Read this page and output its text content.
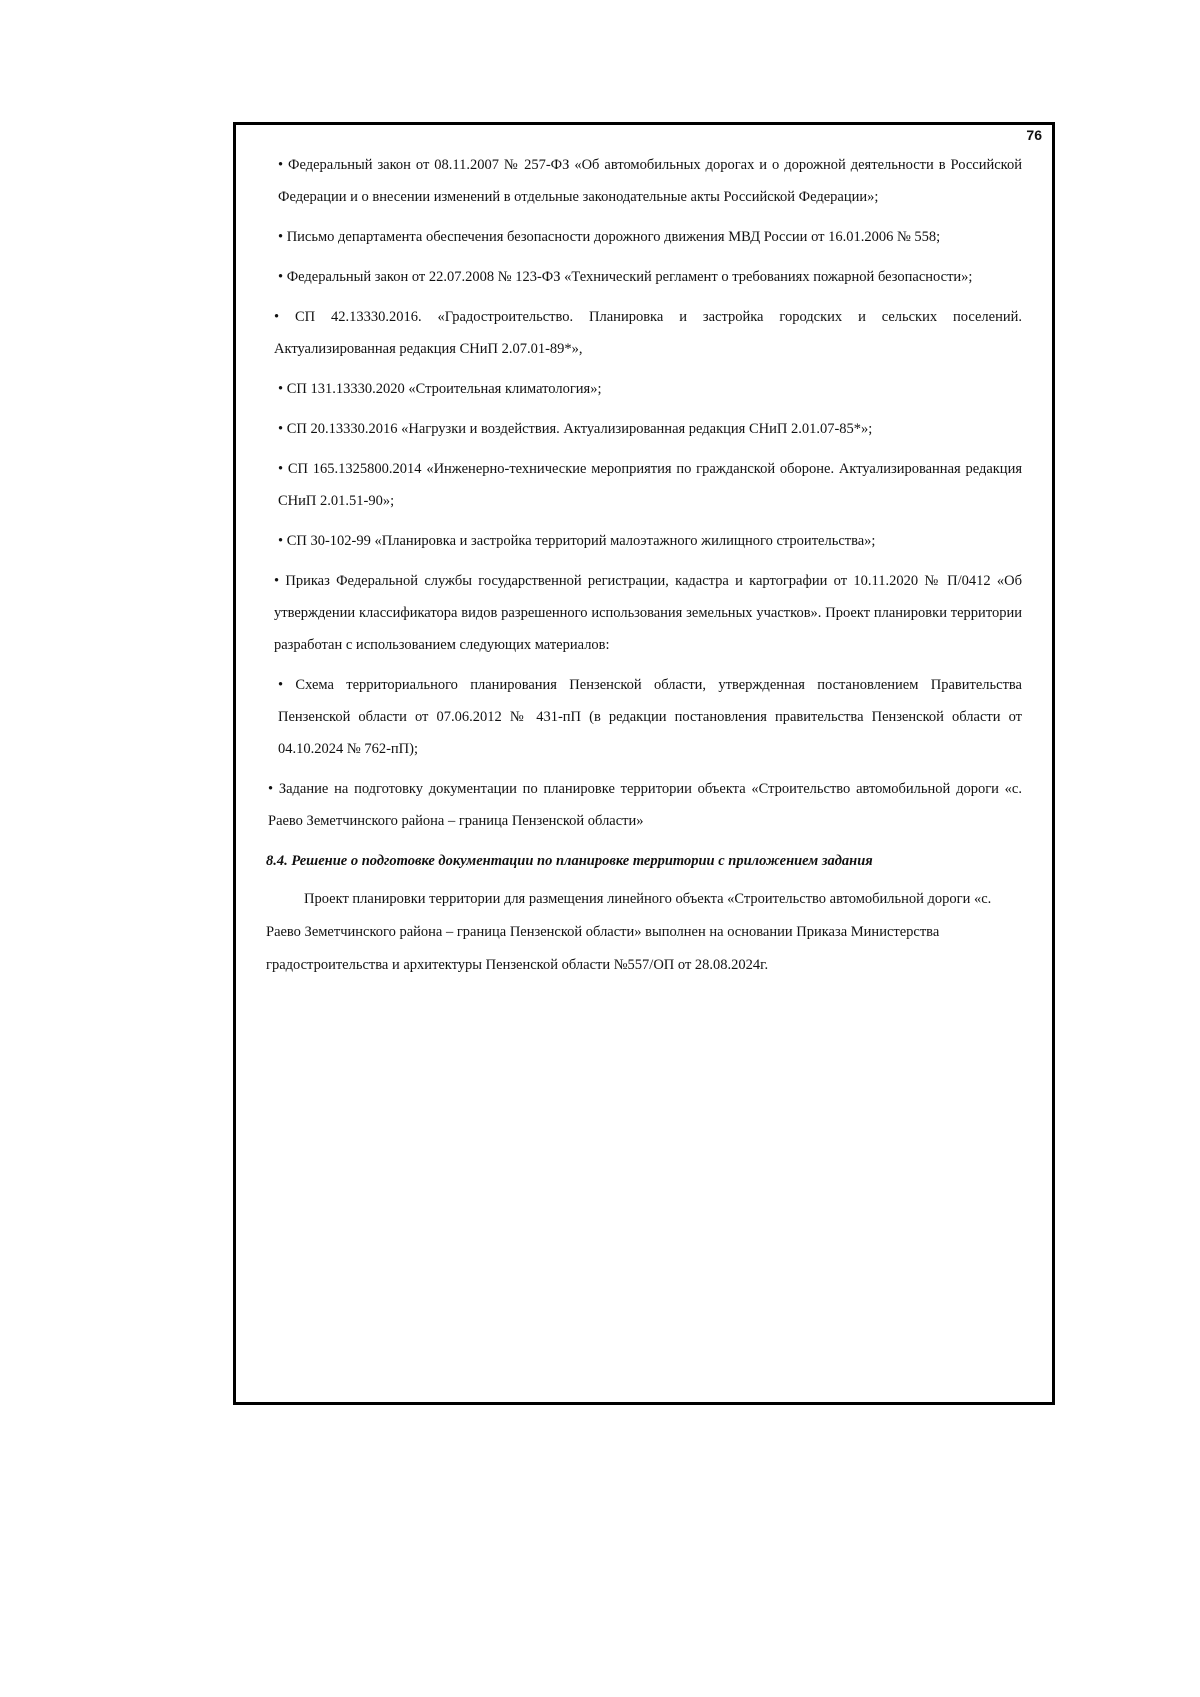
76

• Федеральный закон от 08.11.2007 № 257-ФЗ «Об автомобильных дорогах и о дорожной деятельности в Российской Федерации и о внесении изменений в отдельные законодательные акты Российской Федерации»;

• Письмо департамента обеспечения безопасности дорожного движения МВД России от 16.01.2006 № 558;

• Федеральный закон от 22.07.2008 № 123-ФЗ «Технический регламент о требованиях пожарной безопасности»;

• СП 42.13330.2016. «Градостроительство. Планировка и застройка городских и сельских поселений. Актуализированная редакция СНиП 2.07.01-89*»,

• СП 131.13330.2020 «Строительная климатология»;

• СП 20.13330.2016 «Нагрузки и воздействия. Актуализированная редакция СНиП 2.01.07-85*»;

• СП 165.1325800.2014 «Инженерно-технические мероприятия по гражданской обороне. Актуализированная редакция СНиП 2.01.51-90»;

• СП 30-102-99 «Планировка и застройка территорий малоэтажного жилищного строительства»;

• Приказ Федеральной службы государственной регистрации, кадастра и картографии от 10.11.2020 № П/0412 «Об утверждении классификатора видов разрешенного использования земельных участков». Проект планировки территории разработан с использованием следующих материалов:

• Схема территориального планирования Пензенской области, утвержденная постановлением Правительства Пензенской области от 07.06.2012 № 431-пП (в редакции постановления правительства Пензенской области от 04.10.2024 № 762-пП);

• Задание на подготовку документации по планировке территории объекта «Строительство автомобильной дороги «с. Раево Земетчинского района – граница Пензенской области»

8.4. Решение о подготовке документации по планировке территории с приложением задания

Проект планировки территории для размещения линейного объекта «Строительство автомобильной дороги «с. Раево Земетчинского района – граница Пензенской области» выполнен на основании Приказа Министерства градостроительства и архитектуры Пензенской области №557/ОП от 28.08.2024г.
